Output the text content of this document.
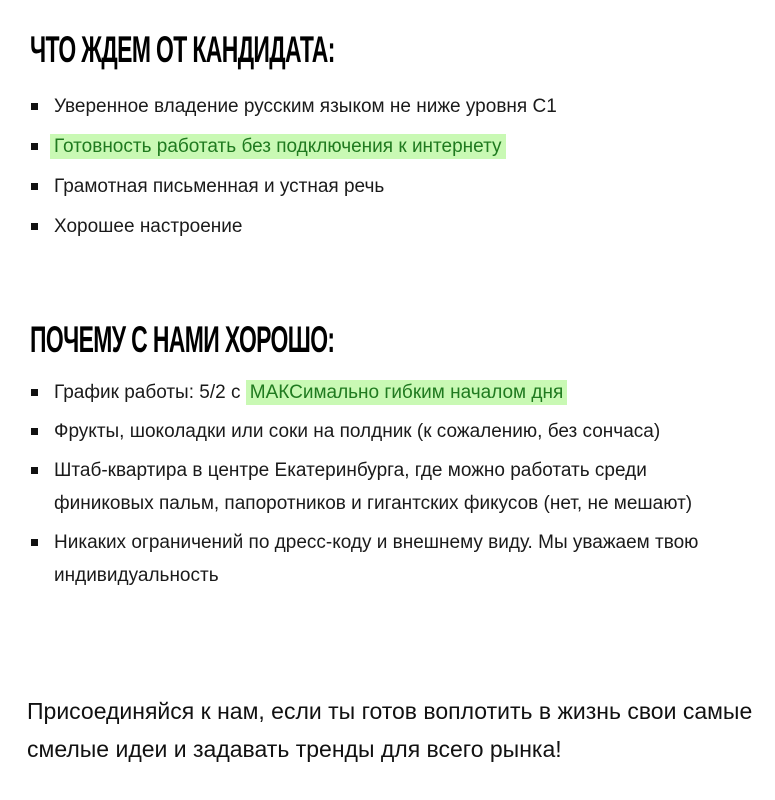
ЧТО ЖДЕМ ОТ КАНДИДАТА:
Уверенное владение русским языком не ниже уровня С1
Готовность работать без подключения к интернету
Грамотная письменная и устная речь
Хорошее настроение
ПОЧЕМУ С НАМИ ХОРОШО:
График работы: 5/2 с МАКСимально гибким началом дня
Фрукты, шоколадки или соки на полдник (к сожалению, без сончаса)
Штаб-квартира в центре Екатеринбурга, где можно работать среди финиковых пальм, папоротников и гигантских фикусов (нет, не мешают)
Никаких ограничений по дресс-коду и внешнему виду. Мы уважаем твою индивидуальность

Присоединяйся к нам, если ты готов воплотить в жизнь свои самые смелые идеи и задавать тренды для всего рынка!
